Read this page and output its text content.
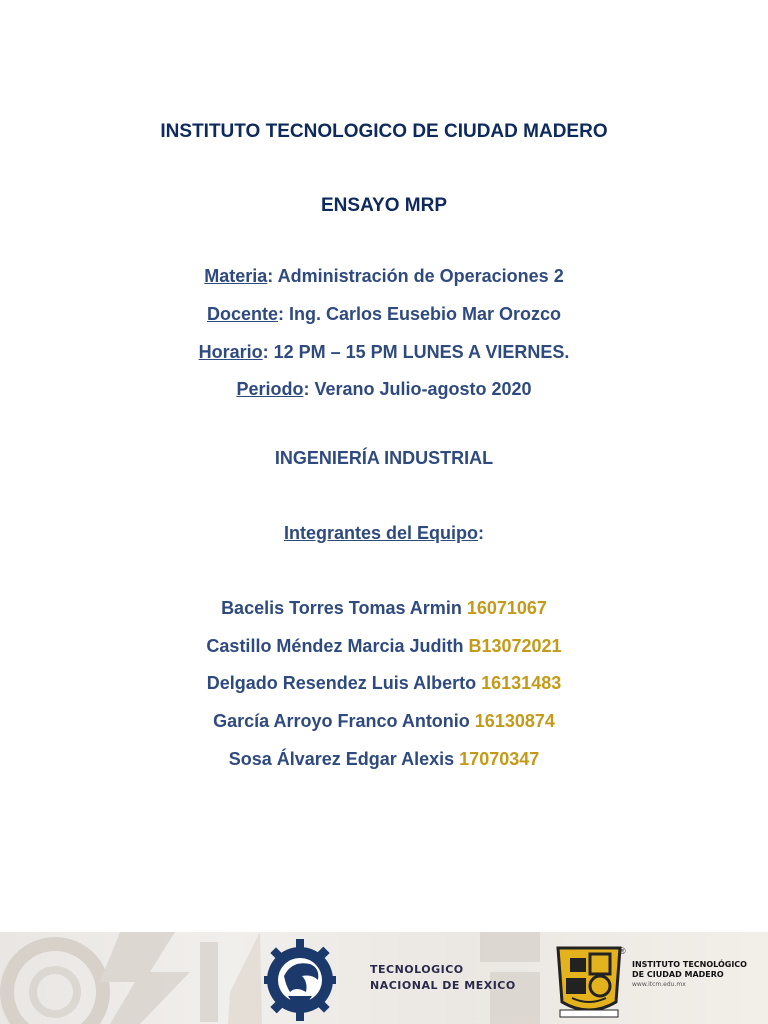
INSTITUTO TECNOLOGICO DE CIUDAD MADERO
ENSAYO MRP
Materia: Administración de Operaciones 2
Docente: Ing. Carlos Eusebio Mar Orozco
Horario: 12 PM – 15 PM LUNES A VIERNES.
Periodo: Verano Julio-agosto 2020
INGENIERÍA INDUSTRIAL
Integrantes del Equipo:
Bacelis Torres Tomas Armin 16071067
Castillo Méndez Marcia Judith B13072021
Delgado Resendez Luis Alberto 16131483
García Arroyo Franco Antonio 16130874
Sosa Álvarez Edgar Alexis 17070347
TECNOLOGICO
NACIONAL DE MEXICO
®
INSTITUTO TECNOLÓGICO
DE CIUDAD MADERO
www.itcm.edu.mx
